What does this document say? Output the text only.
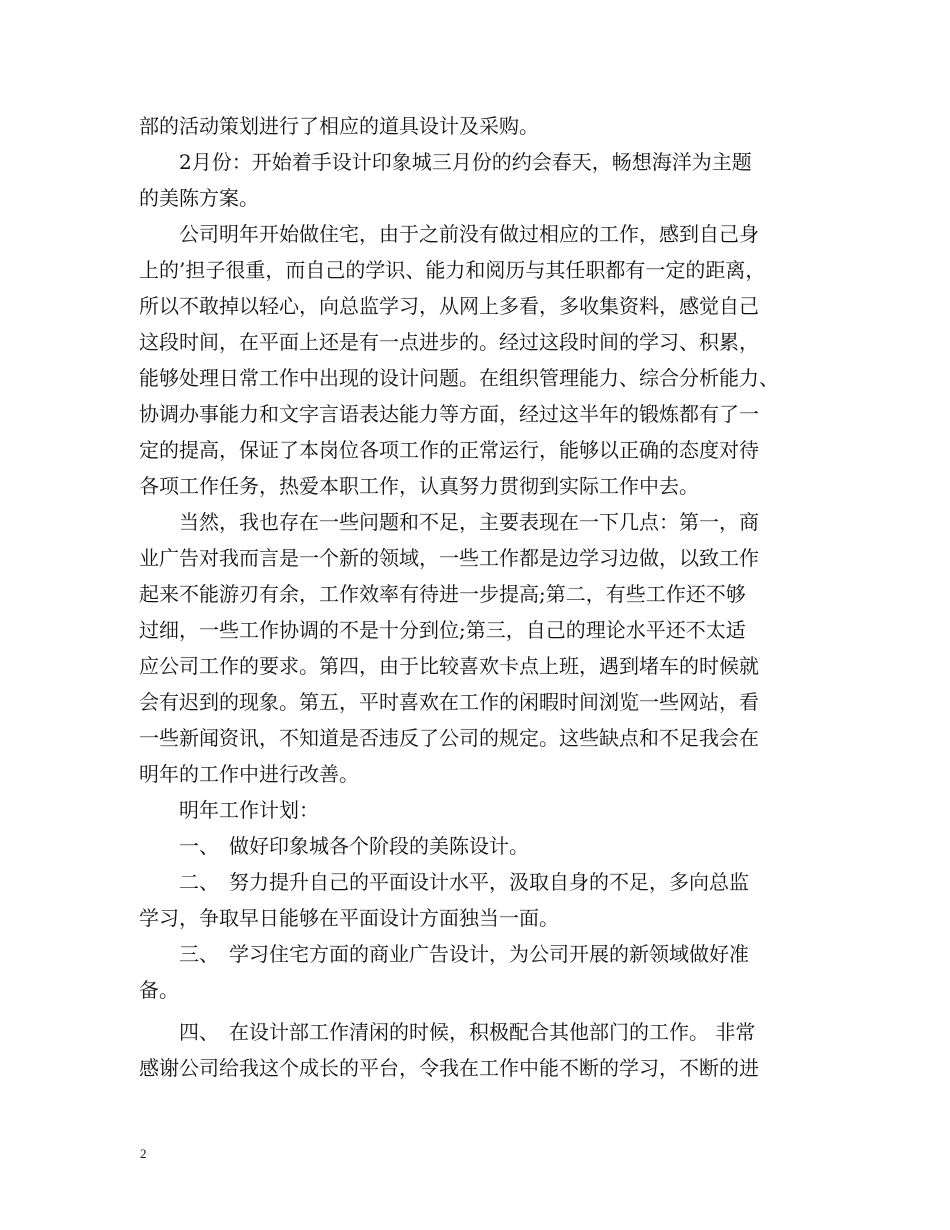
部的活动策划进行了相应的道具设计及采购。
　　2月份：开始着手设计印象城三月份的约会春天，畅想海洋为主题
的美陈方案。
　　公司明年开始做住宅，由于之前没有做过相应的工作，感到自己身
上的’担子很重，而自己的学识、能力和阅历与其任职都有一定的距离，
所以不敢掉以轻心，向总监学习，从网上多看，多收集资料，感觉自己
这段时间，在平面上还是有一点进步的。经过这段时间的学习、积累，
能够处理日常工作中出现的设计问题。在组织管理能力、综合分析能力、
协调办事能力和文字言语表达能力等方面，经过这半年的锻炼都有了一
定的提高，保证了本岗位各项工作的正常运行，能够以正确的态度对待
各项工作任务，热爱本职工作，认真努力贯彻到实际工作中去。
　　当然，我也存在一些问题和不足，主要表现在一下几点：第一，商
业广告对我而言是一个新的领域，一些工作都是边学习边做，以致工作
起来不能游刃有余，工作效率有待进一步提高;第二，有些工作还不够
过细，一些工作协调的不是十分到位;第三，自己的理论水平还不太适
应公司工作的要求。第四，由于比较喜欢卡点上班，遇到堵车的时候就
会有迟到的现象。第五，平时喜欢在工作的闲暇时间浏览一些网站，看
一些新闻资讯，不知道是否违反了公司的规定。这些缺点和不足我会在
明年的工作中进行改善。
　　明年工作计划：
　　一、　做好印象城各个阶段的美陈设计。
　　二、　努力提升自己的平面设计水平，汲取自身的不足，多向总监
学习，争取早日能够在平面设计方面独当一面。
　　三、　学习住宅方面的商业广告设计，为公司开展的新领域做好准
备。
　　四、　在设计部工作清闲的时候，积极配合其他部门的工作。 非常
感谢公司给我这个成长的平台，令我在工作中能不断的学习，不断的进
2
